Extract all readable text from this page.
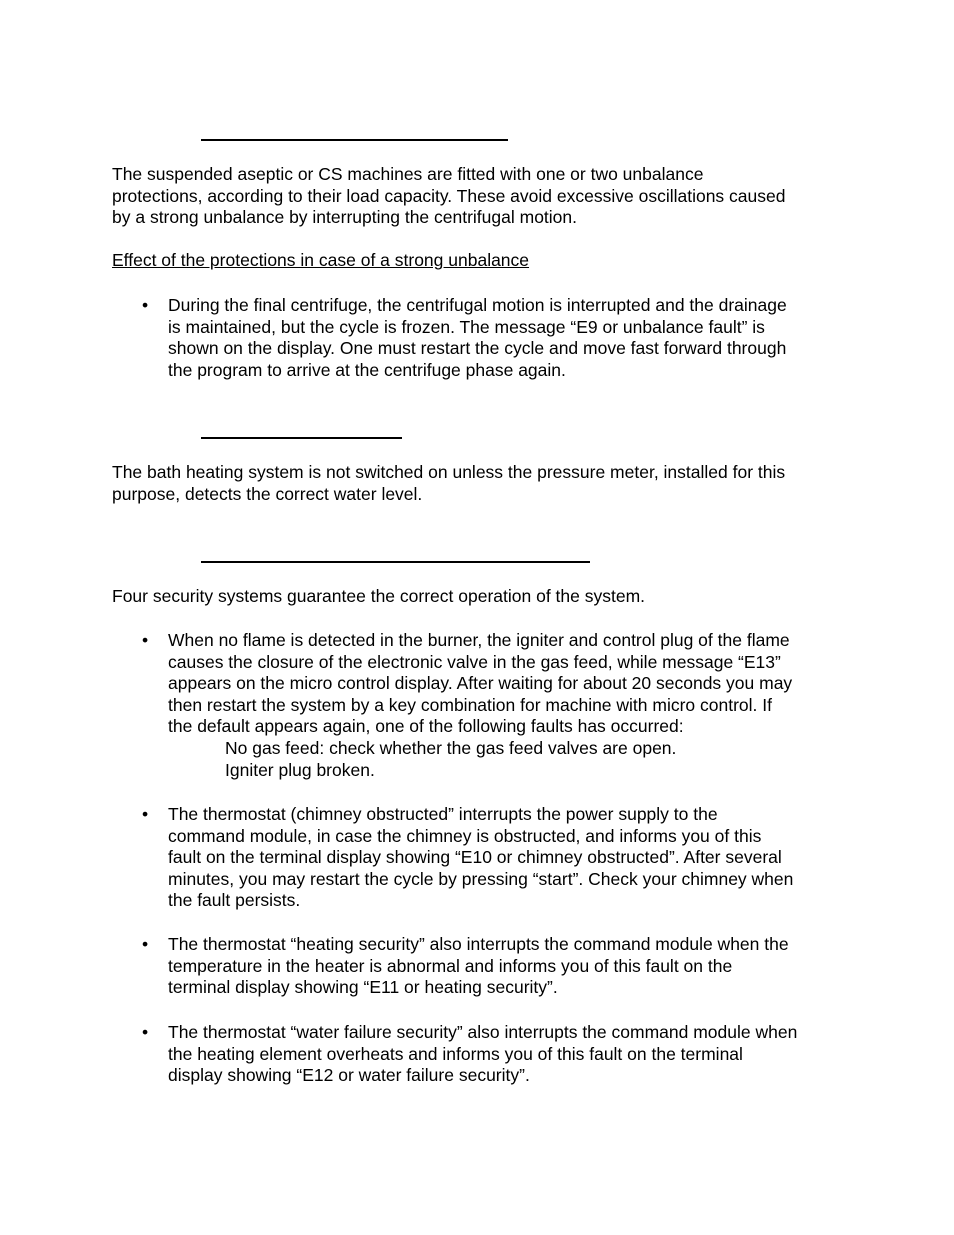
The suspended aseptic or CS machines are fitted with one or two unbalance
protections, according to their load capacity. These avoid excessive oscillations caused
by a strong unbalance by interrupting the centrifugal motion.
Effect of the protections in case of a strong unbalance
• During the final centrifuge, the centrifugal motion is interrupted and the drainage
is maintained, but the cycle is frozen. The message “E9 or unbalance fault” is
shown on the display. One must restart the cycle and move fast forward through
the program to arrive at the centrifuge phase again.
The bath heating system is not switched on unless the pressure meter, installed for this
purpose, detects the correct water level.
Four security systems guarantee the correct operation of the system.
• When no flame is detected in the burner, the igniter and control plug of the flame
causes the closure of the electronic valve in the gas feed, while message “E13”
appears on the micro control display. After waiting for about 20 seconds you may
then restart the system by a key combination for machine with micro control. If
the default appears again, one of the following faults has occurred:
No gas feed: check whether the gas feed valves are open.
Igniter plug broken.
• The thermostat (chimney obstructed” interrupts the power supply to the
command module, in case the chimney is obstructed, and informs you of this
fault on the terminal display showing “E10 or chimney obstructed”. After several
minutes, you may restart the cycle by pressing “start”. Check your chimney when
the fault persists.
• The thermostat “heating security” also interrupts the command module when the
temperature in the heater is abnormal and informs you of this fault on the
terminal display showing “E11 or heating security”.
• The thermostat “water failure security” also interrupts the command module when
the heating element overheats and informs you of this fault on the terminal
display showing “E12 or water failure security”.
